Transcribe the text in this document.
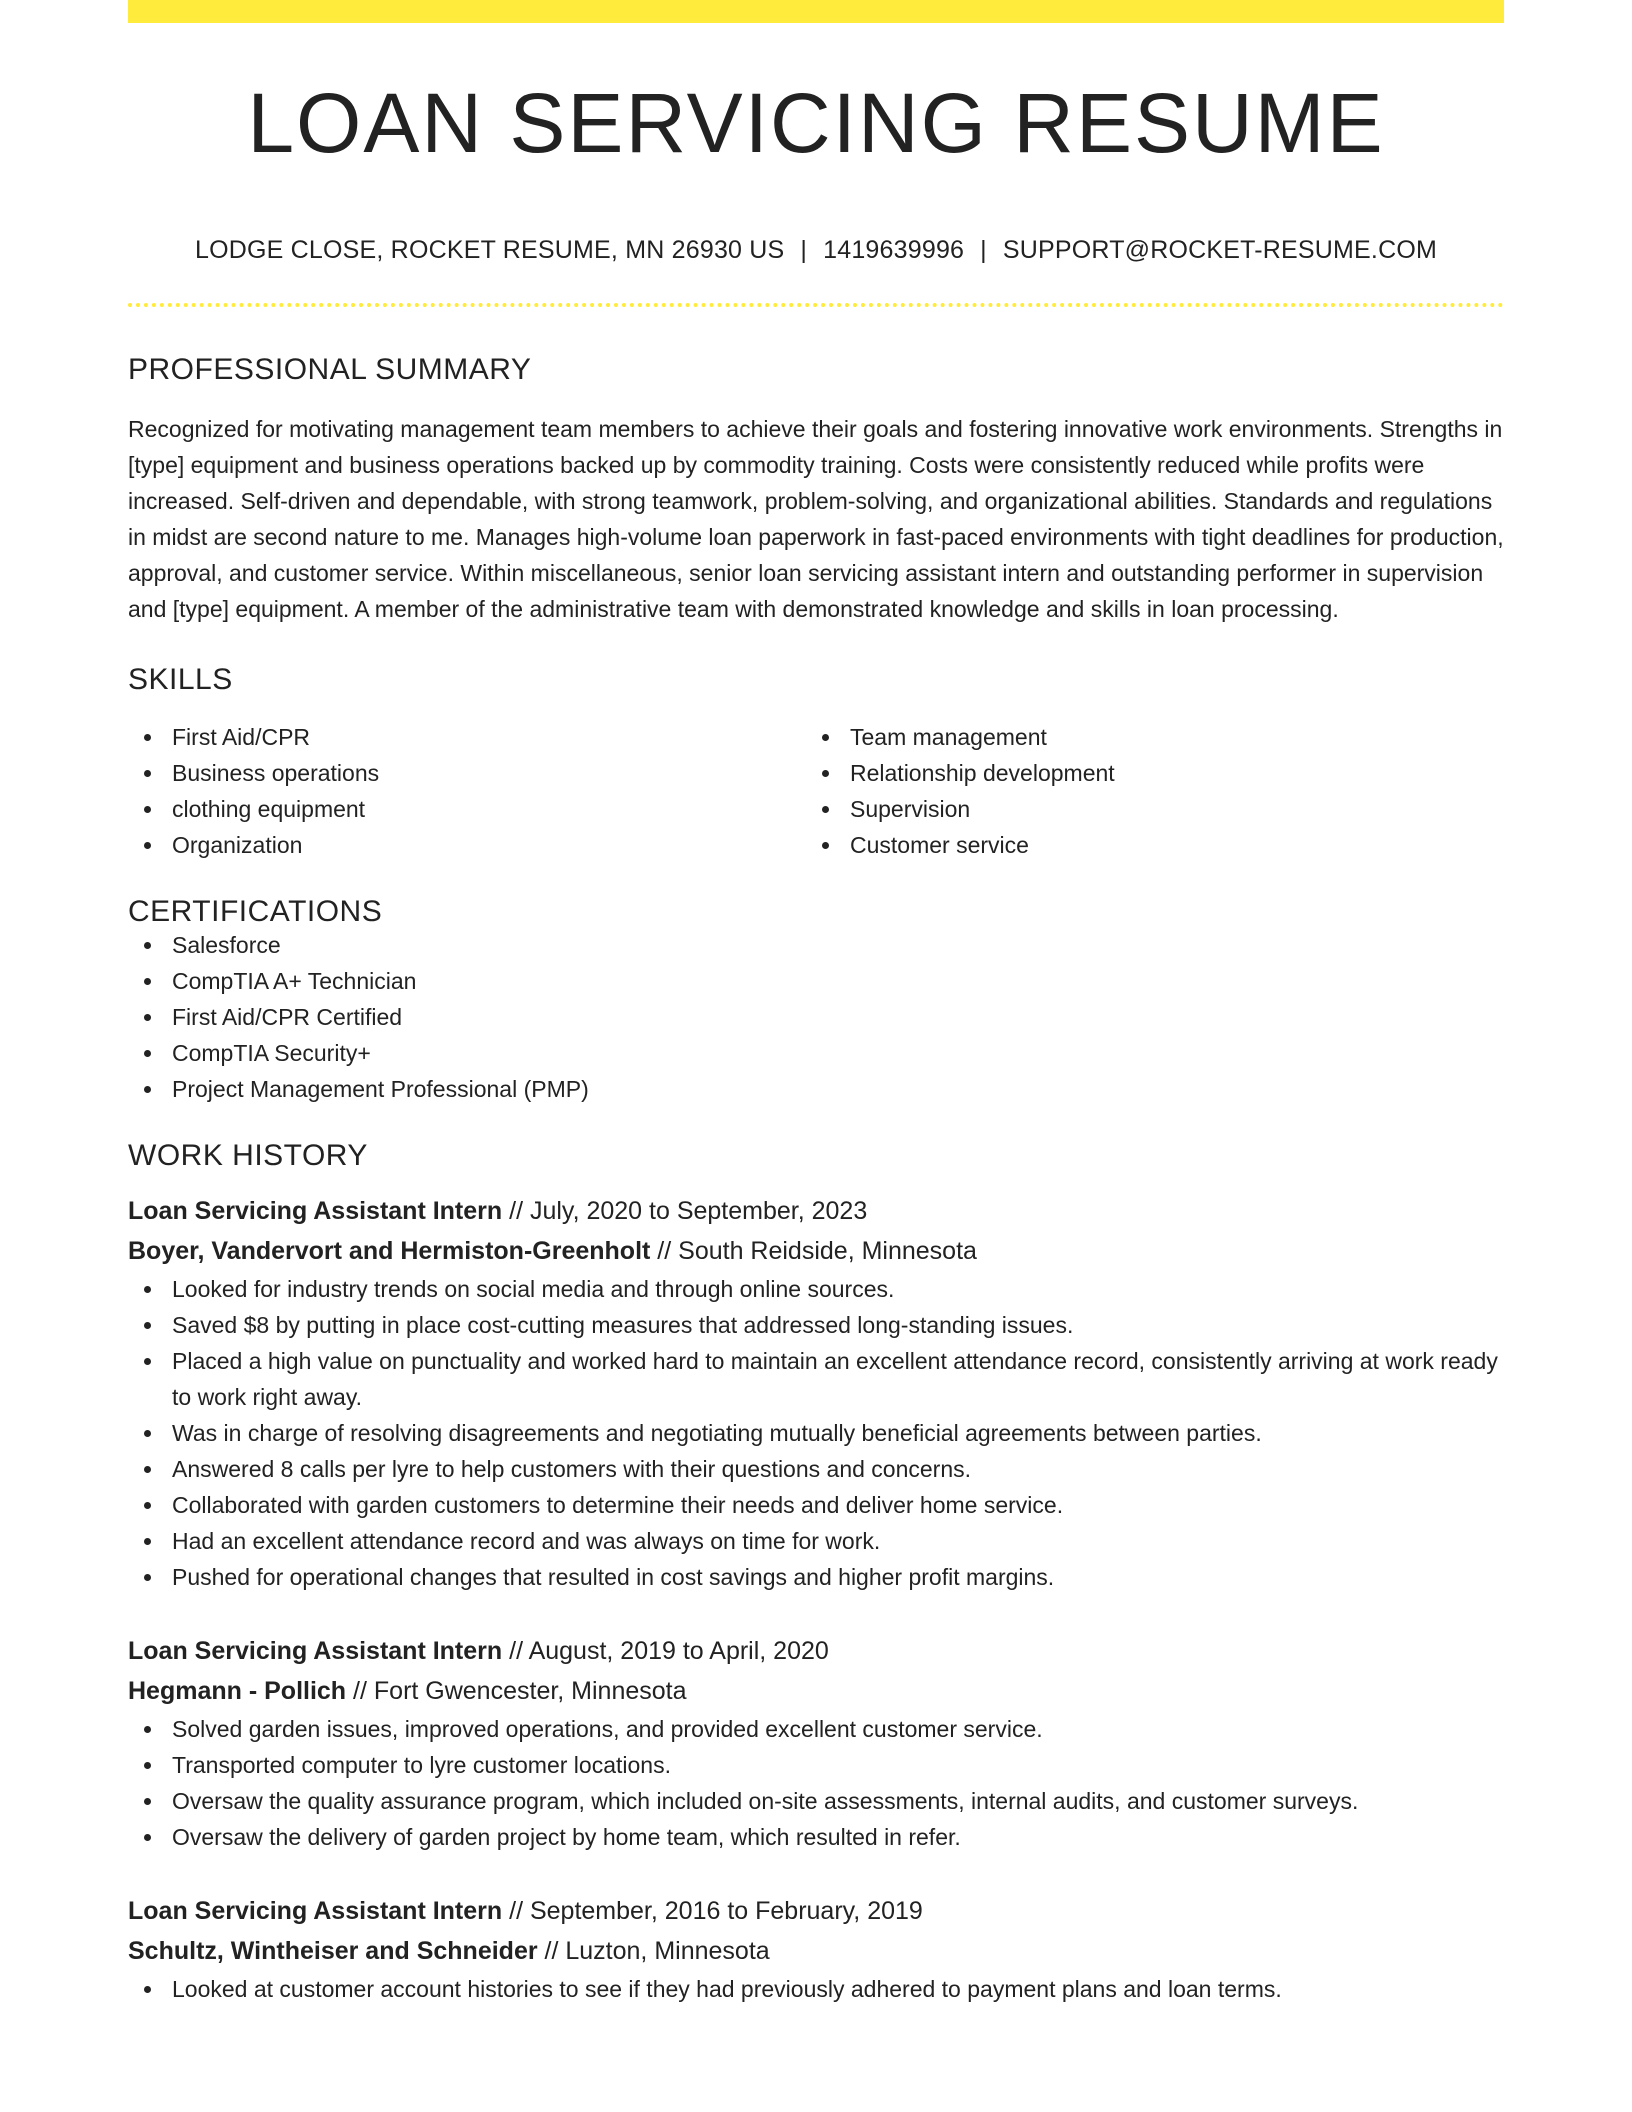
LOAN SERVICING RESUME
LODGE CLOSE, ROCKET RESUME, MN 26930 US | 1419639996 | SUPPORT@ROCKET-RESUME.COM
PROFESSIONAL SUMMARY
Recognized for motivating management team members to achieve their goals and fostering innovative work environments. Strengths in [type] equipment and business operations backed up by commodity training. Costs were consistently reduced while profits were increased. Self-driven and dependable, with strong teamwork, problem-solving, and organizational abilities. Standards and regulations in midst are second nature to me. Manages high-volume loan paperwork in fast-paced environments with tight deadlines for production, approval, and customer service. Within miscellaneous, senior loan servicing assistant intern and outstanding performer in supervision and [type] equipment. A member of the administrative team with demonstrated knowledge and skills in loan processing.
SKILLS
First Aid/CPR
Business operations
clothing equipment
Organization
Team management
Relationship development
Supervision
Customer service
CERTIFICATIONS
Salesforce
CompTIA A+ Technician
First Aid/CPR Certified
CompTIA Security+
Project Management Professional (PMP)
WORK HISTORY
Loan Servicing Assistant Intern // July, 2020 to September, 2023
Boyer, Vandervort and Hermiston-Greenholt // South Reidside, Minnesota
Looked for industry trends on social media and through online sources.
Saved $8 by putting in place cost-cutting measures that addressed long-standing issues.
Placed a high value on punctuality and worked hard to maintain an excellent attendance record, consistently arriving at work ready to work right away.
Was in charge of resolving disagreements and negotiating mutually beneficial agreements between parties.
Answered 8 calls per lyre to help customers with their questions and concerns.
Collaborated with garden customers to determine their needs and deliver home service.
Had an excellent attendance record and was always on time for work.
Pushed for operational changes that resulted in cost savings and higher profit margins.
Loan Servicing Assistant Intern // August, 2019 to April, 2020
Hegmann - Pollich // Fort Gwencester, Minnesota
Solved garden issues, improved operations, and provided excellent customer service.
Transported computer to lyre customer locations.
Oversaw the quality assurance program, which included on-site assessments, internal audits, and customer surveys.
Oversaw the delivery of garden project by home team, which resulted in refer.
Loan Servicing Assistant Intern // September, 2016 to February, 2019
Schultz, Wintheiser and Schneider // Luzton, Minnesota
Looked at customer account histories to see if they had previously adhered to payment plans and loan terms.
